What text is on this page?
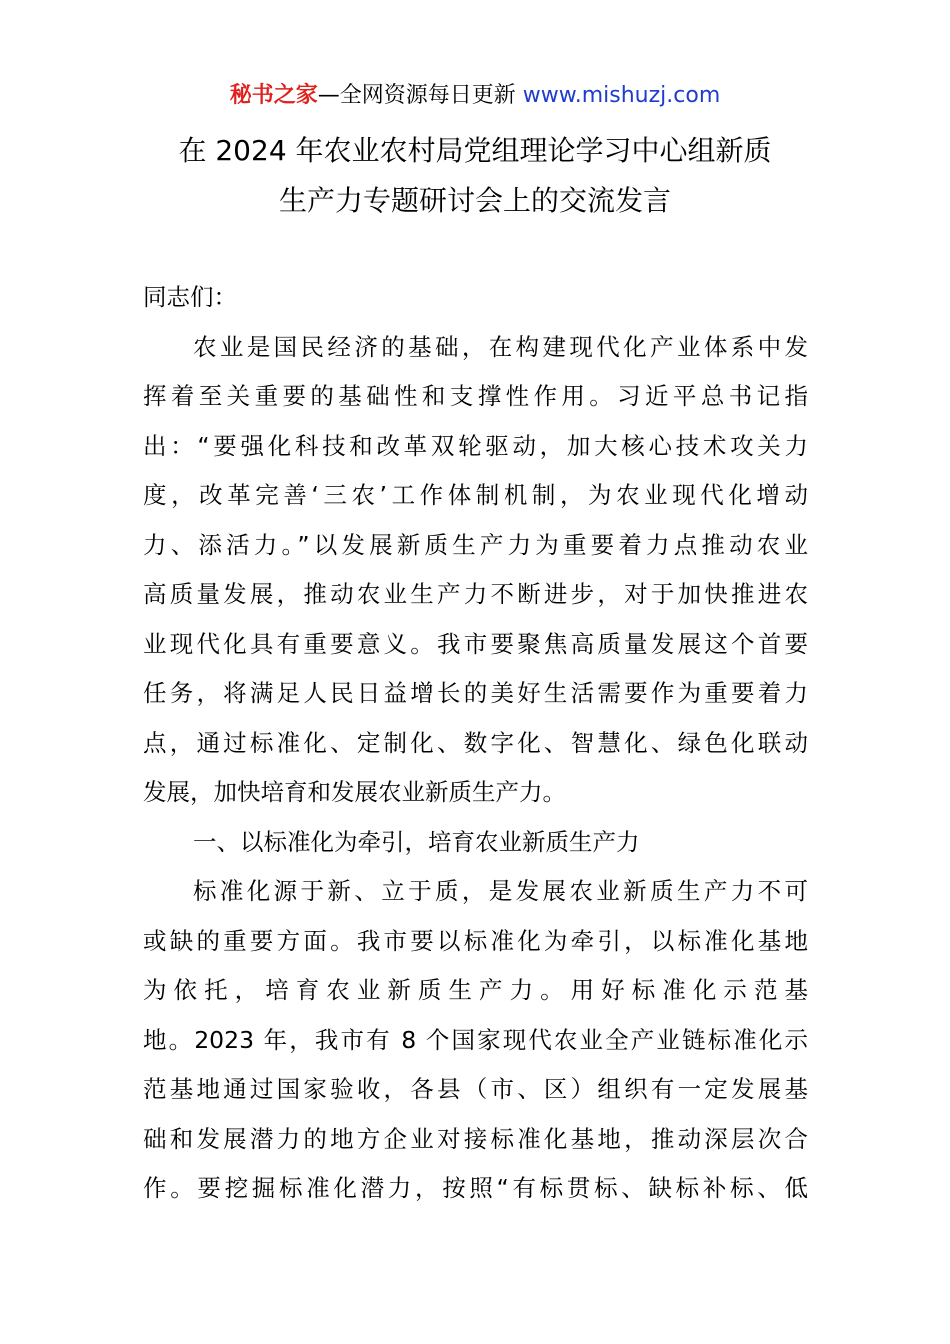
秘书之家—全网资源每日更新 www.mishuzj.com
在 2024 年农业农村局党组理论学习中心组新质
生产力专题研讨会上的交流发言
同志们：
农业是国民经济的基础，在构建现代化产业体系中发
挥着至关重要的基础性和支撑性作用。习近平总书记指
出：“要强化科技和改革双轮驱动，加大核心技术攻关力
度，改革完善‘三农’工作体制机制，为农业现代化增动
力、添活力。”以发展新质生产力为重要着力点推动农业
高质量发展，推动农业生产力不断进步，对于加快推进农
业现代化具有重要意义。我市要聚焦高质量发展这个首要
任务，将满足人民日益增长的美好生活需要作为重要着力
点，通过标准化、定制化、数字化、智慧化、绿色化联动
发展，加快培育和发展农业新质生产力。
一、以标准化为牵引，培育农业新质生产力
标准化源于新、立于质，是发展农业新质生产力不可
或缺的重要方面。我市要以标准化为牵引，以标准化基地
为依托，培育农业新质生产力。用好标准化示范基
地。2023 年，我市有 8 个国家现代农业全产业链标准化示
范基地通过国家验收，各县（市、区）组织有一定发展基
础和发展潜力的地方企业对接标准化基地，推动深层次合
作。要挖掘标准化潜力，按照“有标贯标、缺标补标、低
